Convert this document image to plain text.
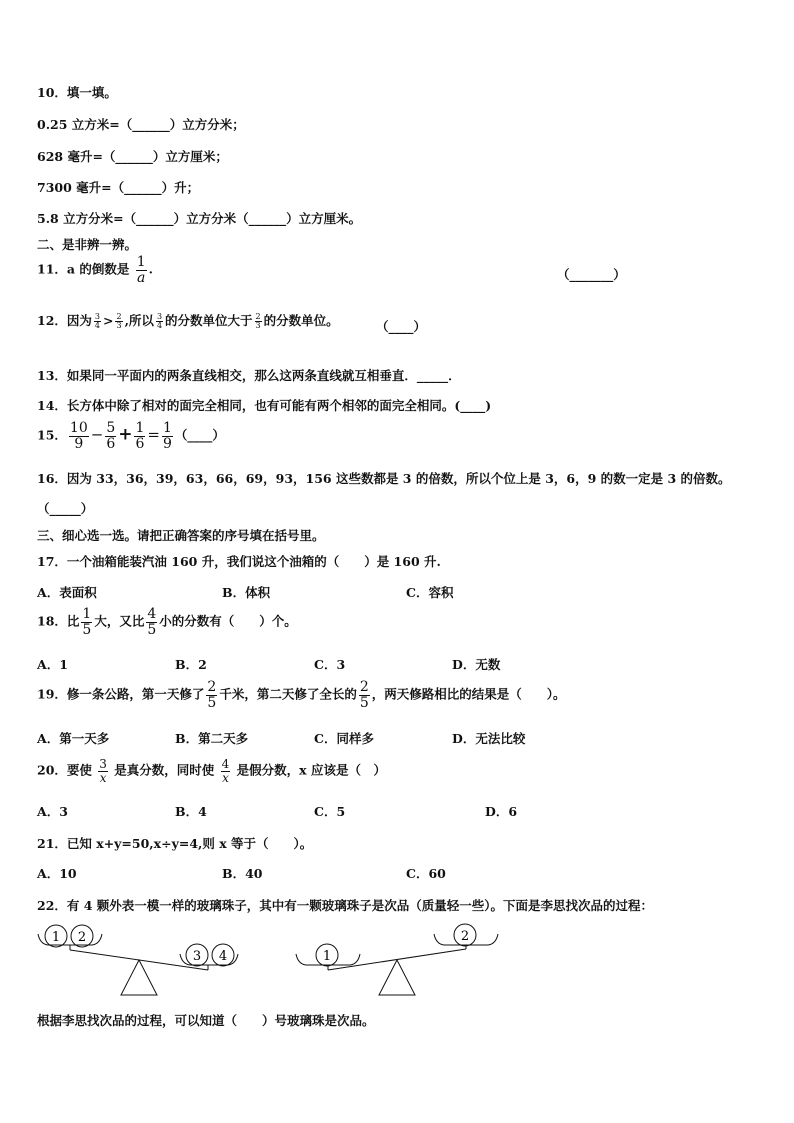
10．填一填。
0.25 立方米=（______）立方分米；
628 毫升=（______）立方厘米；
7300 毫升=（______）升；
5.8 立方分米=（______）立方分米（______）立方厘米。
二、是非辨一辨。
11．a 的倒数是 $\frac{1}{a}$ .	（_______）
12．因为 $\frac{3}{4} > \frac{2}{3}$ ,所以 $\frac{3}{4}$ 的分数单位大于 $\frac{2}{3}$ 的分数单位。	（____）
13．如果同一平面内的两条直线相交，那么这两条直线就互相垂直．_____．
14．长方体中除了相对的面完全相同，也有可能有两个相邻的面完全相同。(____)
15． $\frac{10}{9} - \frac{5}{6} + \frac{1}{6} = \frac{1}{9}$ （____）
16．因为 33，36，39，63，66，69，93，156 这些数都是 3 的倍数，所以个位上是 3，6，9 的数一定是 3 的倍数。
（_____）
三、细心选一选。请把正确答案的序号填在括号里。
17．一个油箱能装汽油 160 升，我们说这个油箱的（　　）是 160 升.
A．表面积	B．体积	C．容积
18．比 $\frac{1}{5}$ 大，又比 $\frac{4}{5}$ 小的分数有（　　）个。
A．1	B．2	C．3	D．无数
19．修一条公路，第一天修了 $\frac{2}{5}$ 千米，第二天修了全长的 $\frac{2}{5}$ ，两天修路相比的结果是（　　）。
A．第一天多	B．第二天多	C．同样多	D．无法比较
20．要使 $\frac{3}{x}$ 是真分数，同时使 $\frac{4}{x}$ 是假分数，x 应该是（　）
A．3	B．4	C．5	D．6
21．已知 x+y=50,x÷y=4,则 x 等于（　　）。
A．10	B．40	C．60
22．有 4 颗外表一模一样的玻璃珠子，其中有一颗玻璃珠子是次品（质量轻一些）。下面是李思找次品的过程：
1 2
3 4	1
2
根据李思找次品的过程，可以知道（　　）号玻璃珠是次品。
